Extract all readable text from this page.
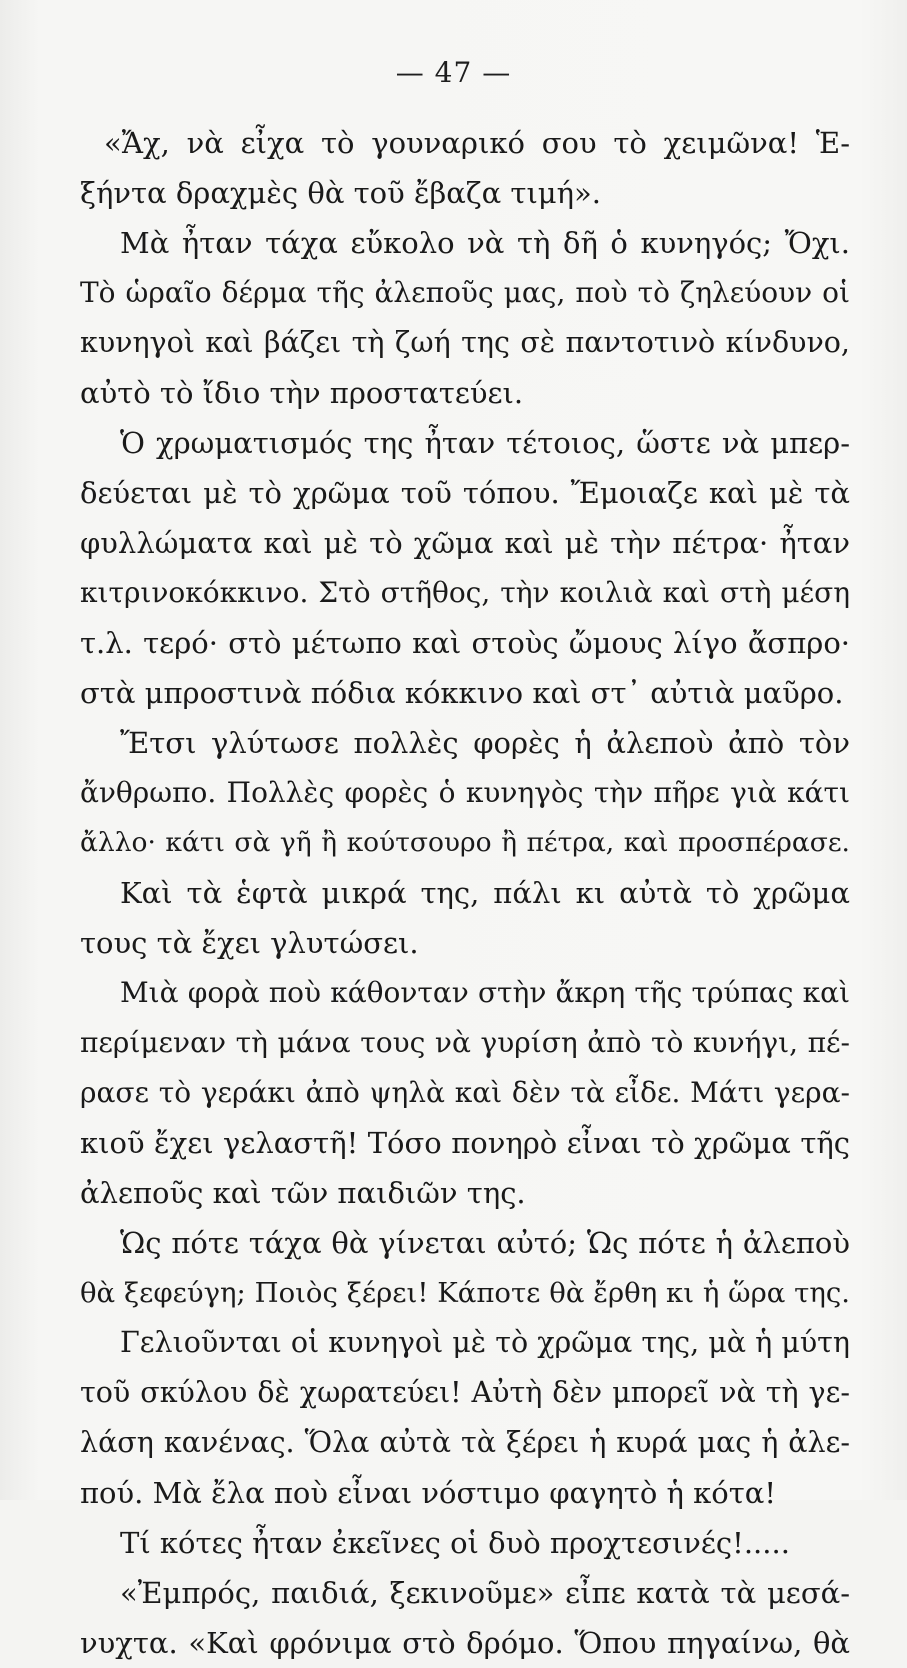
— 47 —
«Ἄχ, νὰ εἶχα τὸ γουναρικό σου τὸ χειμῶνα! Ἑ-
ξήντα δραχμὲς θὰ τοῦ ἔβαζα τιμή».
Μὰ ἦταν τάχα εὔκολο νὰ τὴ δῆ ὁ κυνηγός; Ὄχι.
Τὸ ὡραῖο δέρμα τῆς ἀλεποῦς μας, ποὺ τὸ ζηλεύουν οἱ
κυνηγοὶ καὶ βάζει τὴ ζωή της σὲ παντοτινὸ κίνδυνο,
αὐτὸ τὸ ἴδιο τὴν προστατεύει.
Ὁ χρωματισμός της ἦταν τέτοιος, ὥστε νὰ μπερ-
δεύεται μὲ τὸ χρῶμα τοῦ τόπου. Ἔμοιαζε καὶ μὲ τὰ
φυλλώματα καὶ μὲ τὸ χῶμα καὶ μὲ τὴν πέτρα· ἦταν
κιτρινοκόκκινο. Στὸ στῆθος, τὴν κοιλιὰ καὶ στὴ μέση
τ.λ. τερό· στὸ μέτωπο καὶ στοὺς ὤμους λίγο ἄσπρο·
στὰ μπροστινὰ πόδια κόκκινο καὶ στ᾽ αὐτιὰ μαῦρο.
Ἔτσι γλύτωσε πολλὲς φορὲς ἡ ἀλεποὺ ἀπὸ τὸν
ἄνθρωπο. Πολλὲς φορὲς ὁ κυνηγὸς τὴν πῆρε γιὰ κάτι
ἄλλο· κάτι σὰ γῆ ἢ κούτσουρο ἢ πέτρα, καὶ προσπέρασε.
Καὶ τὰ ἑφτὰ μικρά της, πάλι κι αὐτὰ τὸ χρῶμα
τους τὰ ἔχει γλυτώσει.
Μιὰ φορὰ ποὺ κάθονταν στὴν ἄκρη τῆς τρύπας καὶ
περίμεναν τὴ μάνα τους νὰ γυρίση ἀπὸ τὸ κυνήγι, πέ-
ρασε τὸ γεράκι ἀπὸ ψηλὰ καὶ δὲν τὰ εἶδε. Μάτι γερα-
κιοῦ ἔχει γελαστῆ! Τόσο πονηρὸ εἶναι τὸ χρῶμα τῆς
ἀλεποῦς καὶ τῶν παιδιῶν της.
Ὡς πότε τάχα θὰ γίνεται αὐτό; Ὡς πότε ἡ ἀλεποὺ
θὰ ξεφεύγη; Ποιὸς ξέρει! Κάποτε θὰ ἔρθη κι ἡ ὥρα της.
Γελιοῦνται οἱ κυνηγοὶ μὲ τὸ χρῶμα της, μὰ ἡ μύτη
τοῦ σκύλου δὲ χωρατεύει! Αὐτὴ δὲν μπορεῖ νὰ τὴ γε-
λάση κανένας. Ὅλα αὐτὰ τὰ ξέρει ἡ κυρά μας ἡ ἀλε-
πού. Μὰ ἔλα ποὺ εἶναι νόστιμο φαγητὸ ἡ κότα!
Τί κότες ἦταν ἐκεῖνες οἱ δυὸ προχτεσινές!.....
«Ἐμπρός, παιδιά, ξεκινοῦμε» εἶπε κατὰ τὰ μεσά-
νυχτα. «Καὶ φρόνιμα στὸ δρόμο. Ὅπου πηγαίνω, θὰ
